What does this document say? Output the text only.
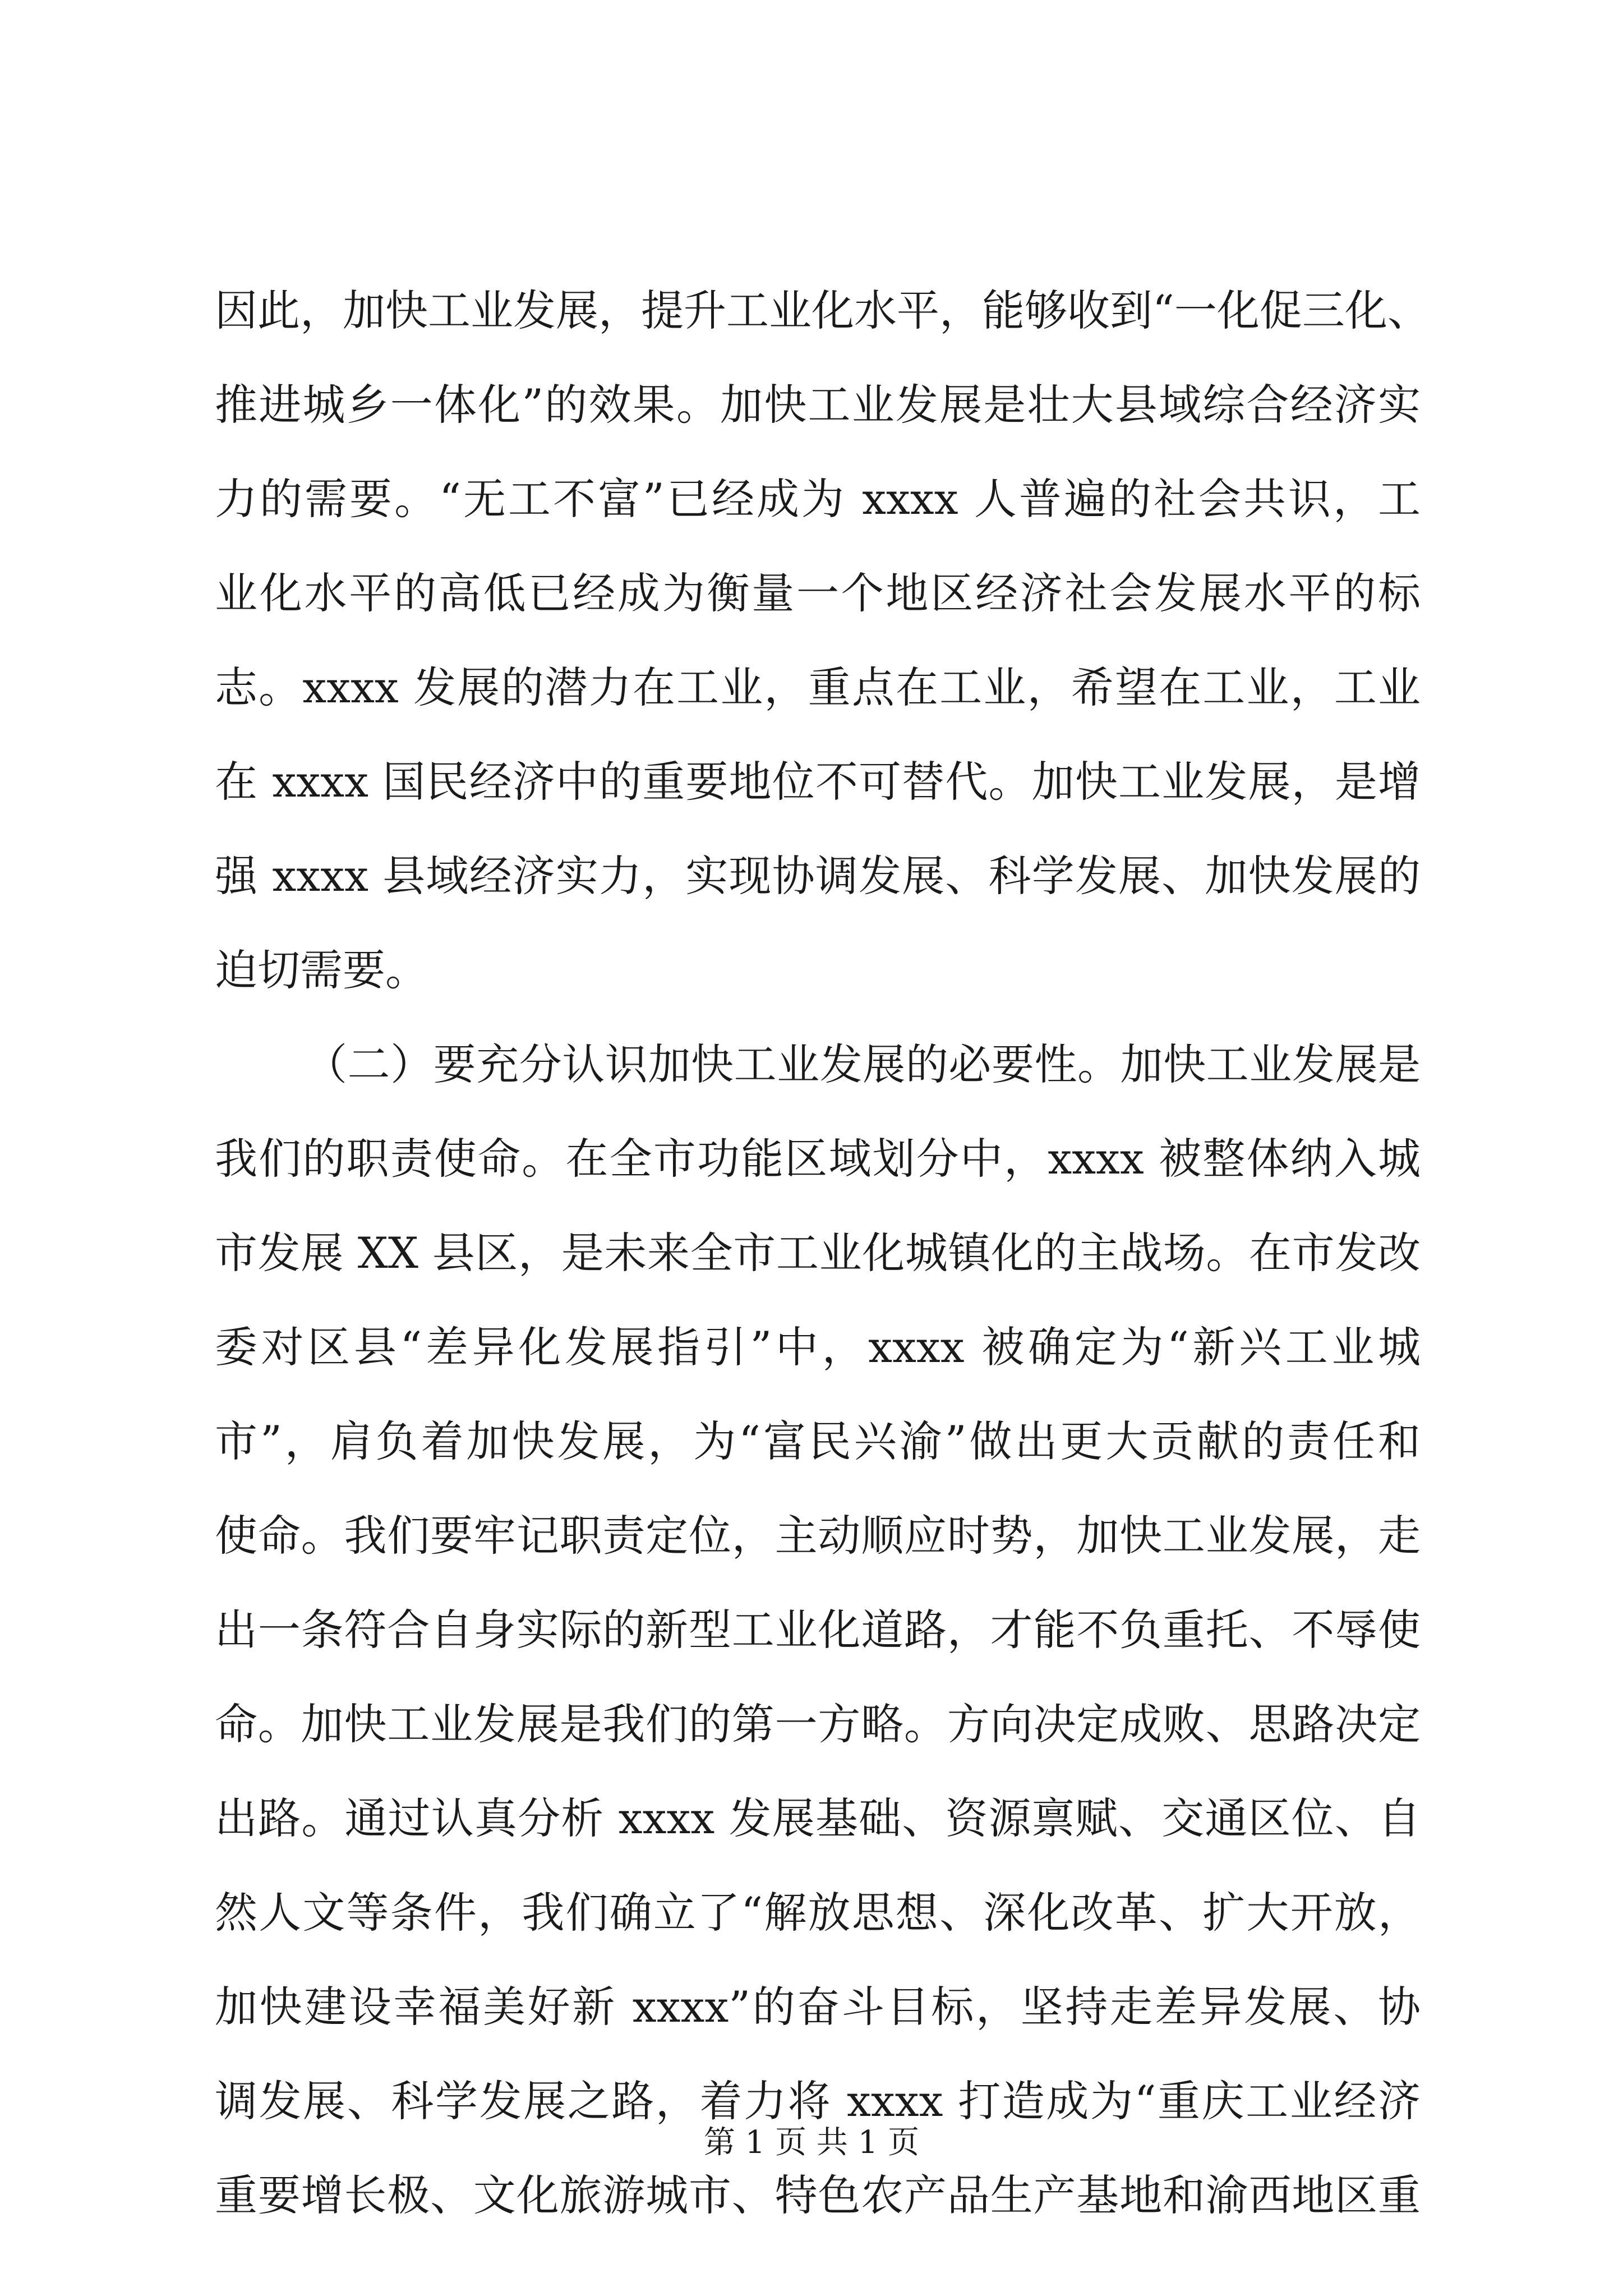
因此，加快工业发展，提升工业化水平，能够收到“一化促三化、
推进城乡一体化”的效果。加快工业发展是壮大县域综合经济实
力的需要。“无工不富”已经成为 xxxx 人普遍的社会共识，工
业化水平的高低已经成为衡量一个地区经济社会发展水平的标
志。xxxx 发展的潜力在工业，重点在工业，希望在工业，工业
在 xxxx 国民经济中的重要地位不可替代。加快工业发展，是增
强 xxxx 县域经济实力，实现协调发展、科学发展、加快发展的
迫切需要。
（二）要充分认识加快工业发展的必要性。加快工业发展是
我们的职责使命。在全市功能区域划分中，xxxx 被整体纳入城
市发展 XX 县区，是未来全市工业化城镇化的主战场。在市发改
委对区县“差异化发展指引”中，xxxx 被确定为“新兴工业城
市”，肩负着加快发展，为“富民兴渝”做出更大贡献的责任和
使命。我们要牢记职责定位，主动顺应时势，加快工业发展，走
出一条符合自身实际的新型工业化道路，才能不负重托、不辱使
命。加快工业发展是我们的第一方略。方向决定成败、思路决定
出路。通过认真分析 xxxx 发展基础、资源禀赋、交通区位、自
然人文等条件，我们确立了“解放思想、深化改革、扩大开放，
加快建设幸福美好新 xxxx”的奋斗目标，坚持走差异发展、协
调发展、科学发展之路，着力将 xxxx 打造成为“重庆工业经济
重要增长极、文化旅游城市、特色农产品生产基地和渝西地区重
第 1 页 共 1 页
